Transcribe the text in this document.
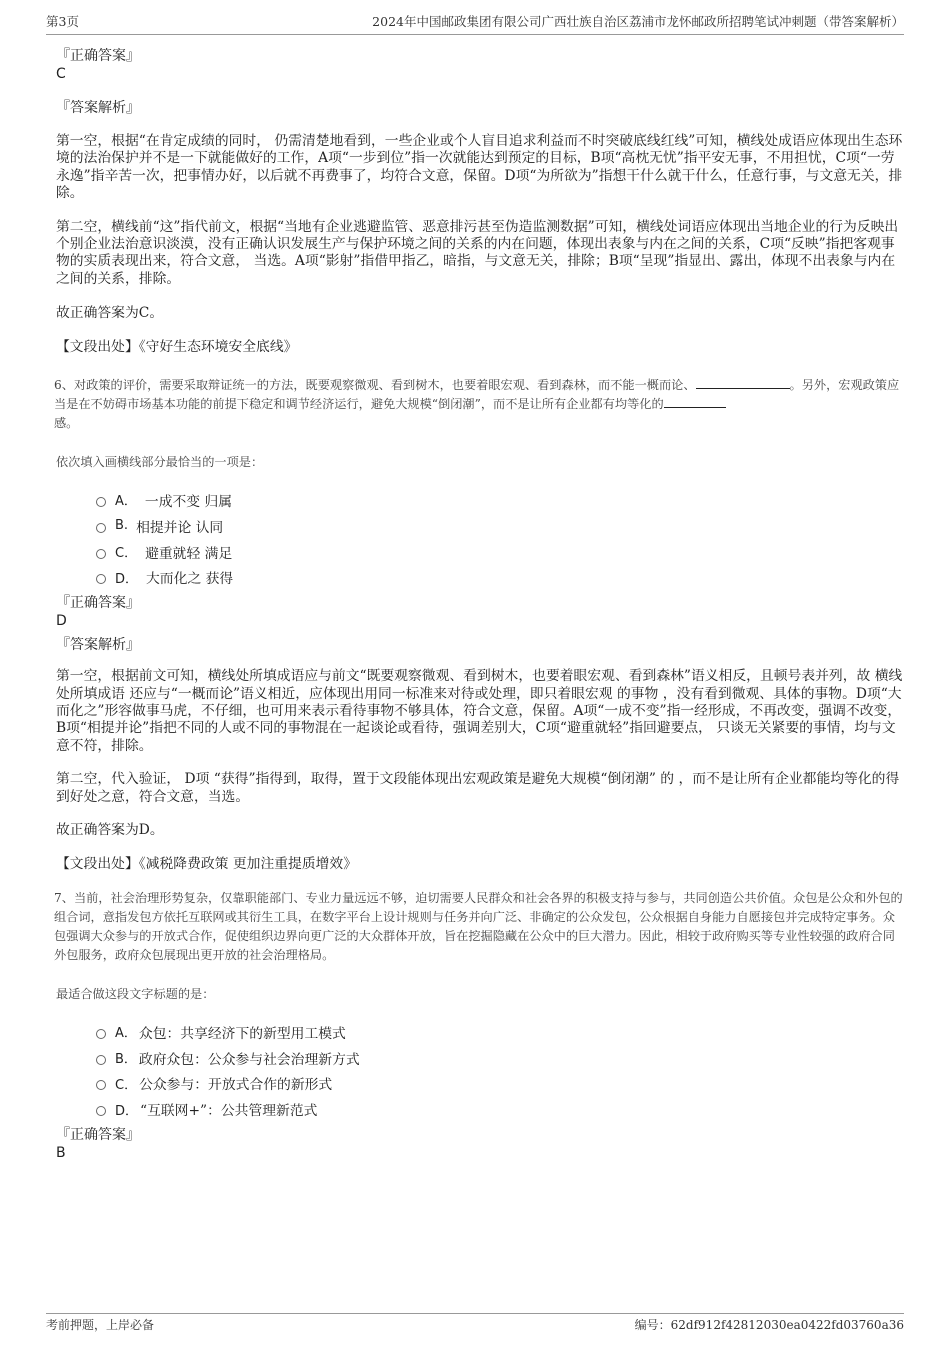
第3页	2024年中国邮政集团有限公司广西壮族自治区荔浦市龙怀邮政所招聘笔试冲刺题（带答案解析）

『正确答案』

C

『答案解析』

第一空，根据“在肯定成绩的同时， 仍需清楚地看到，一些企业或个人盲目追求利益而不时突破底线红线”可知，横线处成语应体现出生态环境的法治保护并不是一下就能做好的工作，A项“一步到位”指一次就能达到预定的目标，B项“高枕无忧”指平安无事，不用担忧，C项“一劳永逸”指辛苦一次，把事情办好，以后就不再费事了，均符合文意，保留。D项“为所欲为”指想干什么就干什么，任意行事，与文意无关，排除。

第二空，横线前“这”指代前文，根据“当地有企业逃避监管、恶意排污甚至伪造监测数据”可知，横线处词语应体现出当地企业的行为反映出个别企业法治意识淡漠，没有正确认识发展生产与保护环境之间的关系的内在问题，体现出表象与内在之间的关系，C项“反映”指把客观事物的实质表现出来，符合文意， 当选。A项“影射”指借甲指乙，暗指，与文意无关，排除；B项“呈现”指显出、露出，体现不出表象与内在之间的关系，排除。

故正确答案为C。

【文段出处】《守好生态环境安全底线》

6、对政策的评价，需要采取辩证统一的方法，既要观察微观、看到树木，也要着眼宏观、看到森林，而不能一概而论、	。另外，宏观政策应当是在不妨碍市场基本功能的前提下稳定和调节经济运行，避免大规模“倒闭潮”，而不是让所有企业都有均等化的
感。

依次填入画横线部分最恰当的一项是：

A． 一成不变 归属
B. 相提并论 认同
C． 避重就轻 满足
D． 大而化之 获得

『正确答案』

D

『答案解析』

第一空，根据前文可知，横线处所填成语应与前文“既要观察微观、看到树木，也要着眼宏观、看到森林”语义相反，且顿号表并列，故 横线处所填成语 还应与“一概而论”语义相近，应体现出用同一标准来对待或处理，即只着眼宏观 的事物 ，没有看到微观、具体的事物。D项“大而化之”形容做事马虎，不仔细，也可用来表示看待事物不够具体，符合文意，保留。A项“一成不变”指一经形成，不再改变，强调不改变，B项“相提并论”指把不同的人或不同的事物混在一起谈论或看待，强调差别大，C项“避重就轻”指回避要点， 只谈无关紧要的事情，均与文意不符，排除。

第二空，代入验证， D项 “获得”指得到，取得，置于文段能体现出宏观政策是避免大规模“倒闭潮” 的 ，而不是让所有企业都能均等化的得到好处之意，符合文意，当选。

故正确答案为D。

【文段出处】《减税降费政策 更加注重提质增效》

7、当前，社会治理形势复杂，仅靠职能部门、专业力量远远不够，迫切需要人民群众和社会各界的积极支持与参与，共同创造公共价值。众包是公众和外包的组合词，意指发包方依托互联网或其衍生工具，在数字平台上设计规则与任务并向广泛、非确定的公众发包，公众根据自身能力自愿接包并完成特定事务。众包强调大众参与的开放式合作，促使组织边界向更广泛的大众群体开放，旨在挖掘隐藏在公众中的巨大潜力。因此，相较于政府购买等专业性较强的政府合同外包服务，政府众包展现出更开放的社会治理格局。

最适合做这段文字标题的是：

A． 众包：共享经济下的新型用工模式
B． 政府众包：公众参与社会治理新方式
C． 公众参与：开放式合作的新形式
D． “互联网+”：公共管理新范式

『正确答案』

B

考前押题，上岸必备	编号：62df912f42812030ea0422fd03760a36
